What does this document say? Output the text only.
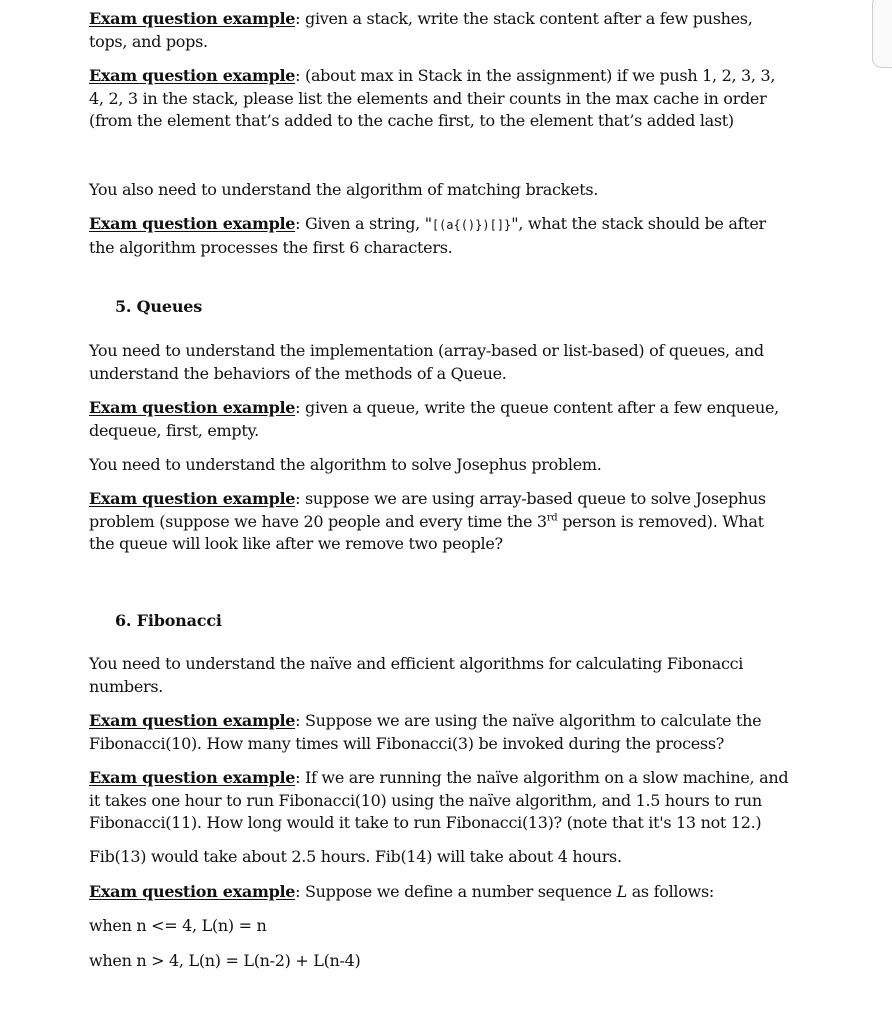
Exam question example: given a stack, write the stack content after a few pushes, tops, and pops.

Exam question example: (about max in Stack in the assignment) if we push 1, 2, 3, 3, 4, 2, 3 in the stack, please list the elements and their counts in the max cache in order (from the element that’s added to the cache first, to the element that’s added last)

You also need to understand the algorithm of matching brackets.

Exam question example: Given a string, "[(a{()})[]}", what the stack should be after the algorithm processes the first 6 characters.

5. Queues

You need to understand the implementation (array-based or list-based) of queues, and understand the behaviors of the methods of a Queue.

Exam question example: given a queue, write the queue content after a few enqueue, dequeue, first, empty.

You need to understand the algorithm to solve Josephus problem.

Exam question example: suppose we are using array-based queue to solve Josephus problem (suppose we have 20 people and every time the 3rd person is removed). What the queue will look like after we remove two people?

6. Fibonacci

You need to understand the naïve and efficient algorithms for calculating Fibonacci numbers.

Exam question example: Suppose we are using the naïve algorithm to calculate the Fibonacci(10). How many times will Fibonacci(3) be invoked during the process?

Exam question example: If we are running the naïve algorithm on a slow machine, and it takes one hour to run Fibonacci(10) using the naïve algorithm, and 1.5 hours to run Fibonacci(11). How long would it take to run Fibonacci(13)? (note that it's 13 not 12.)

Fib(13) would take about 2.5 hours. Fib(14) will take about 4 hours.

Exam question example: Suppose we define a number sequence L as follows:

when n <= 4, L(n) = n

when n > 4, L(n) = L(n-2) + L(n-4)
